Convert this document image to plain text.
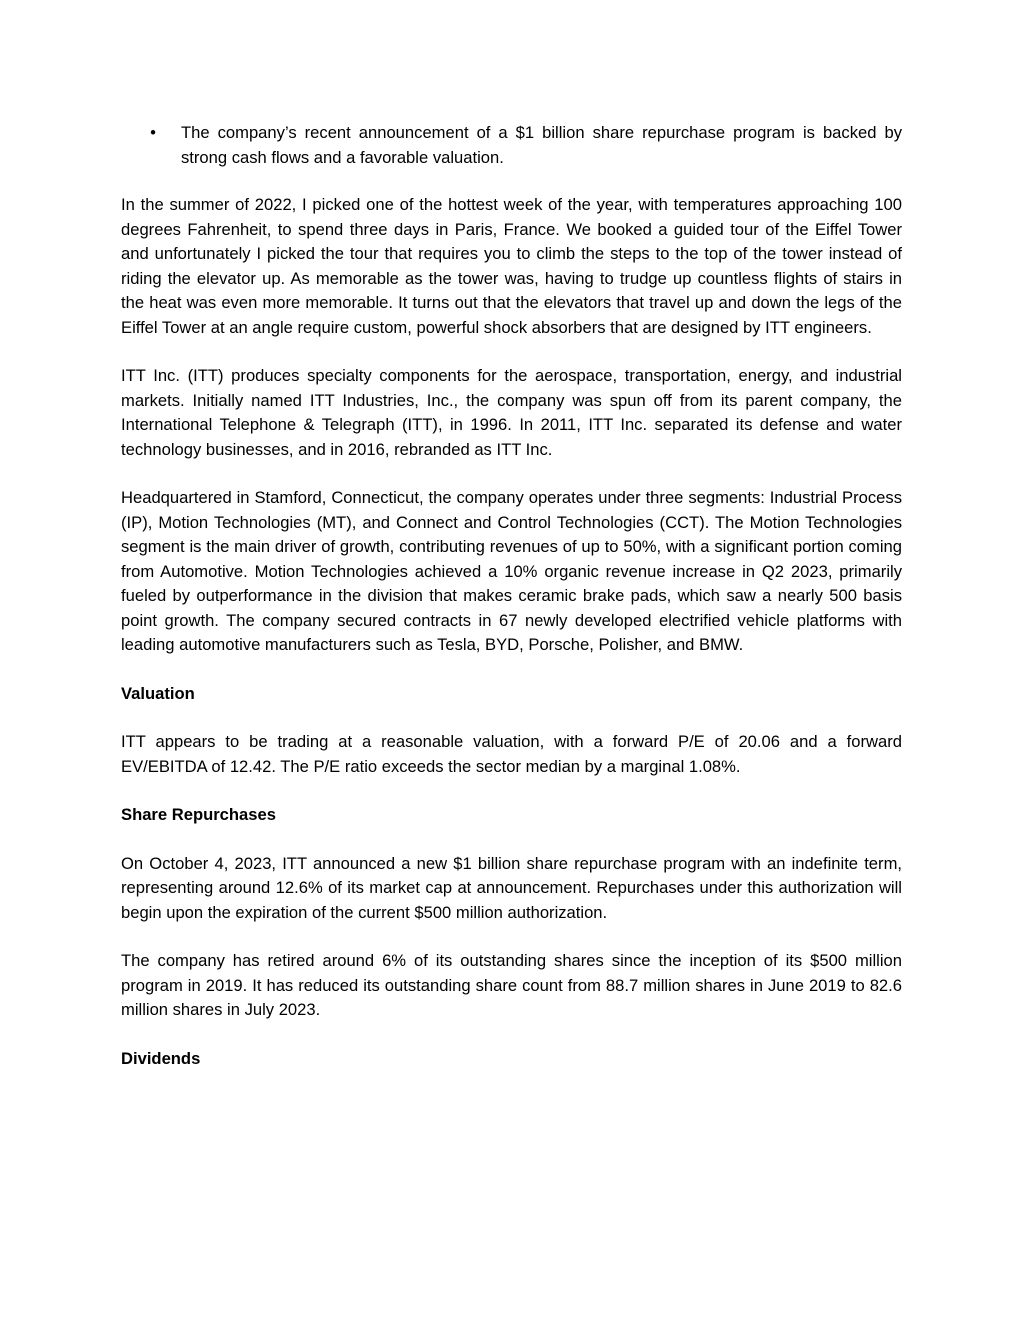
•	The company’s recent announcement of a $1 billion share repurchase program is backed by strong cash flows and a favorable valuation.

In the summer of 2022, I picked one of the hottest week of the year, with temperatures approaching 100 degrees Fahrenheit, to spend three days in Paris, France. We booked a guided tour of the Eiffel Tower and unfortunately I picked the tour that requires you to climb the steps to the top of the tower instead of riding the elevator up. As memorable as the tower was, having to trudge up countless flights of stairs in the heat was even more memorable. It turns out that the elevators that travel up and down the legs of the Eiffel Tower at an angle require custom, powerful shock absorbers that are designed by ITT engineers.

ITT Inc. (ITT) produces specialty components for the aerospace, transportation, energy, and industrial markets. Initially named ITT Industries, Inc., the company was spun off from its parent company, the International Telephone & Telegraph (ITT), in 1996. In 2011, ITT Inc. separated its defense and water technology businesses, and in 2016, rebranded as ITT Inc.

Headquartered in Stamford, Connecticut, the company operates under three segments: Industrial Process (IP), Motion Technologies (MT), and Connect and Control Technologies (CCT). The Motion Technologies segment is the main driver of growth, contributing revenues of up to 50%, with a significant portion coming from Automotive. Motion Technologies achieved a 10% organic revenue increase in Q2 2023, primarily fueled by outperformance in the division that makes ceramic brake pads, which saw a nearly 500 basis point growth. The company secured contracts in 67 newly developed electrified vehicle platforms with leading automotive manufacturers such as Tesla, BYD, Porsche, Polisher, and BMW.

Valuation

ITT appears to be trading at a reasonable valuation, with a forward P/E of 20.06 and a forward EV/EBITDA of 12.42. The P/E ratio exceeds the sector median by a marginal 1.08%.

Share Repurchases

On October 4, 2023, ITT announced a new $1 billion share repurchase program with an indefinite term, representing around 12.6% of its market cap at announcement. Repurchases under this authorization will begin upon the expiration of the current $500 million authorization.

The company has retired around 6% of its outstanding shares since the inception of its $500 million program in 2019. It has reduced its outstanding share count from 88.7 million shares in June 2019 to 82.6 million shares in July 2023.

Dividends
